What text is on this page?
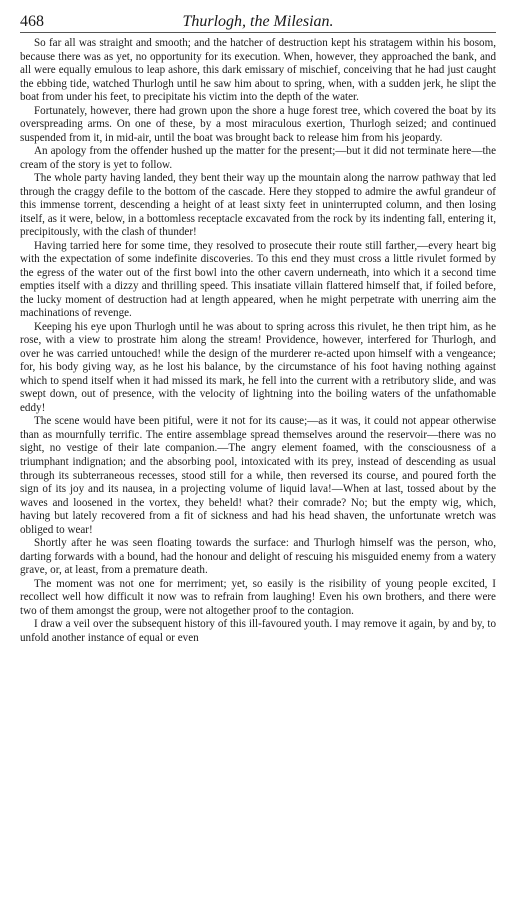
468	Thurlogh, the Milesian.

So far all was straight and smooth; and the hatcher of destruction kept his stratagem within his bosom, because there was as yet, no opportunity for its execution. When, however, they approached the bank, and all were equally emulous to leap ashore, this dark emissary of mischief, conceiving that he had just caught the ebbing tide, watched Thurlogh until he saw him about to spring, when, with a sudden jerk, he slipt the boat from under his feet, to precipitate his victim into the depth of the water.

Fortunately, however, there had grown upon the shore a huge forest tree, which covered the boat by its overspreading arms. On one of these, by a most miraculous exertion, Thurlogh seized; and continued suspended from it, in mid-air, until the boat was brought back to release him from his jeopardy.

An apology from the offender hushed up the matter for the present;—but it did not terminate here—the cream of the story is yet to follow.

The whole party having landed, they bent their way up the mountain along the narrow pathway that led through the craggy defile to the bottom of the cascade. Here they stopped to admire the awful grandeur of this immense torrent, descending a height of at least sixty feet in uninterrupted column, and then losing itself, as it were, below, in a bottomless receptacle excavated from the rock by its indenting fall, entering it, precipitously, with the clash of thunder!

Having tarried here for some time, they resolved to prosecute their route still farther,—every heart big with the expectation of some indefinite discoveries. To this end they must cross a little rivulet formed by the egress of the water out of the first bowl into the other cavern underneath, into which it a second time empties itself with a dizzy and thrilling speed. This insatiate villain flattered himself that, if foiled before, the lucky moment of destruction had at length appeared, when he might perpetrate with unerring aim the machinations of revenge.

Keeping his eye upon Thurlogh until he was about to spring across this rivulet, he then tript him, as he rose, with a view to prostrate him along the stream! Providence, however, interfered for Thurlogh, and over he was carried untouched! while the design of the murderer re-acted upon himself with a vengeance; for, his body giving way, as he lost his balance, by the circumstance of his foot having nothing against which to spend itself when it had missed its mark, he fell into the current with a retributory slide, and was swept down, out of presence, with the velocity of lightning into the boiling waters of the unfathomable eddy!

The scene would have been pitiful, were it not for its cause;—as it was, it could not appear otherwise than as mournfully terrific. The entire assemblage spread themselves around the reservoir—there was no sight, no vestige of their late companion.—The angry element foamed, with the consciousness of a triumphant indignation; and the absorbing pool, intoxicated with its prey, instead of descending as usual through its subterraneous recesses, stood still for a while, then reversed its course, and poured forth the sign of its joy and its nausea, in a projecting volume of liquid lava!—When at last, tossed about by the waves and loosened in the vortex, they beheld! what? their comrade? No; but the empty wig, which, having but lately recovered from a fit of sickness and had his head shaven, the unfortunate wretch was obliged to wear!

Shortly after he was seen floating towards the surface: and Thurlogh himself was the person, who, darting forwards with a bound, had the honour and delight of rescuing his misguided enemy from a watery grave, or, at least, from a premature death.

The moment was not one for merriment; yet, so easily is the risibility of young people excited, I recollect well how difficult it now was to refrain from laughing! Even his own brothers, and there were two of them amongst the group, were not altogether proof to the contagion.

I draw a veil over the subsequent history of this ill-favoured youth. I may remove it again, by and by, to unfold another instance of equal or even
